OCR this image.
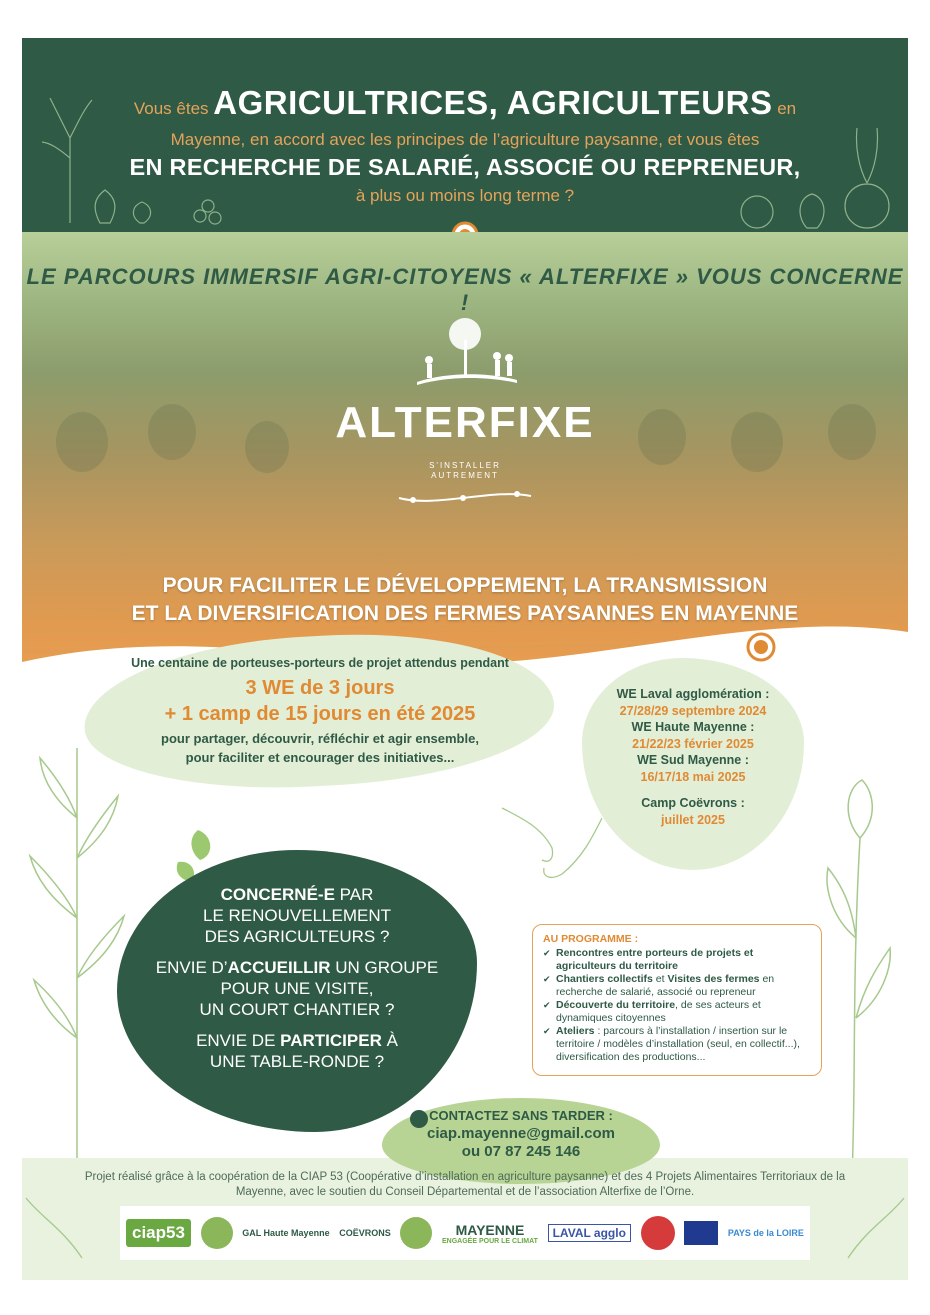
Vous êtes AGRICULTRICES, AGRICULTEURS en
Mayenne, en accord avec les principes de l’agriculture paysanne, et vous êtes
EN RECHERCHE DE SALARIÉ, ASSOCIÉ OU REPRENEUR,
à plus ou moins long terme ?
LE PARCOURS IMMERSIF AGRI-CITOYENS « ALTERFIXE » VOUS CONCERNE !
ALTERFIXE
S'INSTALLER
AUTREMENT
POUR FACILITER LE DÉVELOPPEMENT, LA TRANSMISSION
ET LA DIVERSIFICATION DES FERMES PAYSANNES EN MAYENNE
Une centaine de porteuses-porteurs de projet attendus pendant
3 WE de 3 jours
+ 1 camp de 15 jours en été 2025
pour partager, découvrir, réfléchir et agir ensemble,
pour faciliter et encourager des initiatives...
WE Laval agglomération :
27/28/29 septembre 2024
WE Haute Mayenne :
21/22/23 février 2025
WE Sud Mayenne :
16/17/18 mai 2025
Camp Coëvrons :
juillet 2025
CONCERNÉ-E PAR
LE RENOUVELLEMENT
DES AGRICULTEURS ?
ENVIE D’ACCUEILLIR UN GROUPE
POUR UNE VISITE,
UN COURT CHANTIER ?
ENVIE DE PARTICIPER À
UNE TABLE-RONDE ?
AU PROGRAMME :
✔ Rencontres entre porteurs de projets et agriculteurs du territoire
✔ Chantiers collectifs et Visites des fermes en recherche de salarié, associé ou repreneur
✔ Découverte du territoire, de ses acteurs et dynamiques citoyennes
✔ Ateliers : parcours à l’installation / insertion sur le territoire / modèles d’installation (seul, en collectif...), diversification des productions...
CONTACTEZ SANS TARDER :
ciap.mayenne@gmail.com
ou 07 87 245 146
Projet réalisé grâce à la coopération de la CIAP 53 (Coopérative d’installation en agriculture paysanne) et des 4 Projets Alimentaires Territoriaux de la Mayenne, avec le soutien du Conseil Départemental et de l’association Alterfixe de l’Orne.
ciap53	GAL Haute Mayenne COËVRONS	MAYENNE
ENGAGÉE POUR LE CLIMAT
LAVAL agglo	PAYS de la LOIRE
